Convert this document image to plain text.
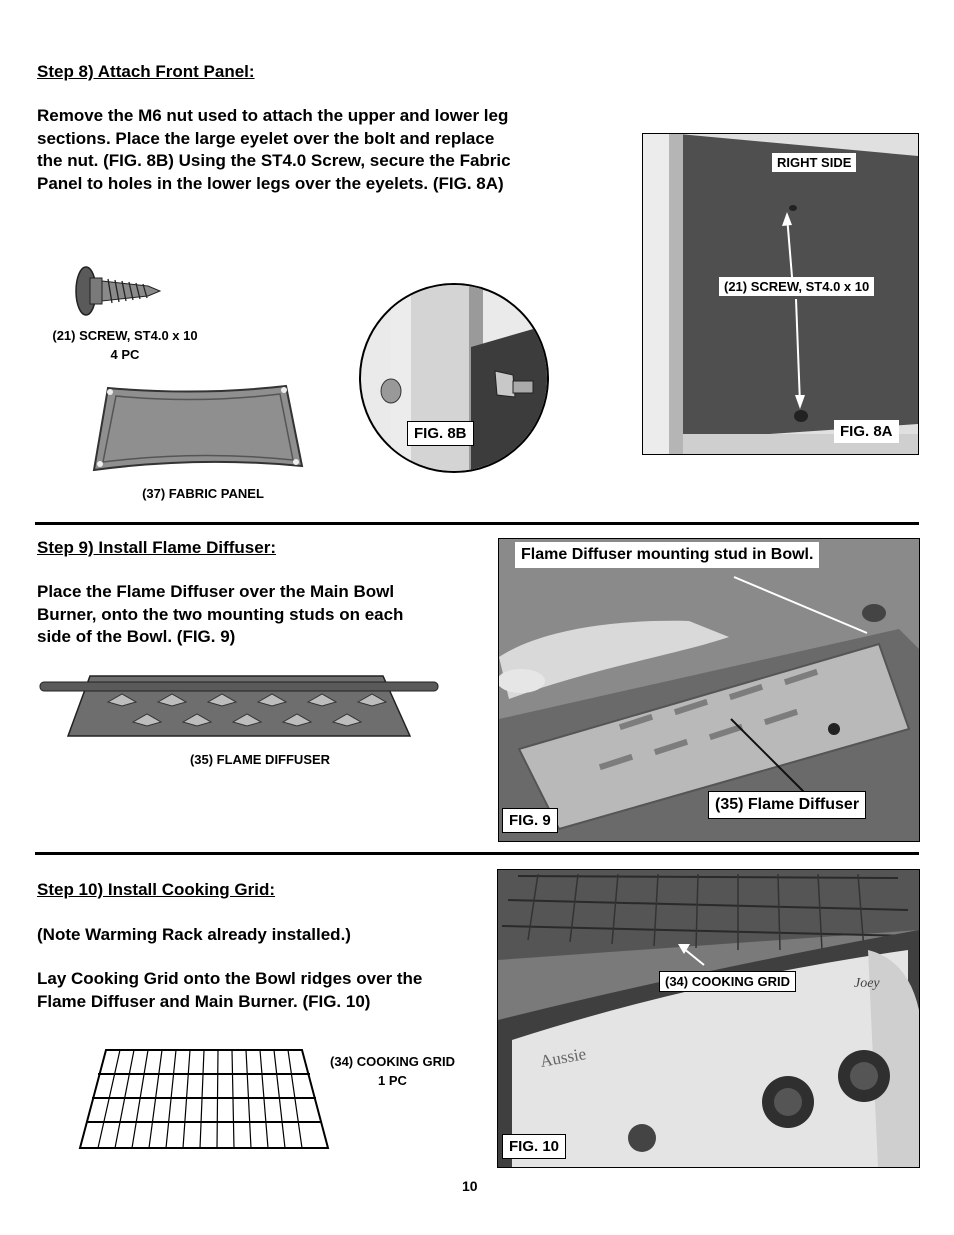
Step 8) Attach Front Panel:
Remove the M6 nut used to attach the upper and lower leg
sections. Place the large eyelet over the bolt and replace
the nut. (FIG. 8B) Using the ST4.0 Screw, secure the Fabric
Panel to holes in the lower legs over the eyelets. (FIG. 8A)
(21) SCREW, ST4.0 x 10
4 PC
(37) FABRIC PANEL
FIG. 8B
RIGHT SIDE
(21) SCREW, ST4.0 x 10
FIG. 8A
Step 9) Install Flame Diffuser:
Place the Flame Diffuser over the Main Bowl
Burner, onto the two mounting studs on each
side of the Bowl. (FIG. 9)
(35) FLAME DIFFUSER
Flame Diffuser mounting stud in Bowl.
(35) Flame Diffuser
FIG. 9
Step 10) Install Cooking Grid:
(Note Warming Rack already installed.)
Lay Cooking Grid onto the Bowl ridges over the
Flame Diffuser and Main Burner. (FIG. 10)
(34) COOKING GRID
1 PC
Aussie
Joey
(34) COOKING GRID
FIG. 10
10
